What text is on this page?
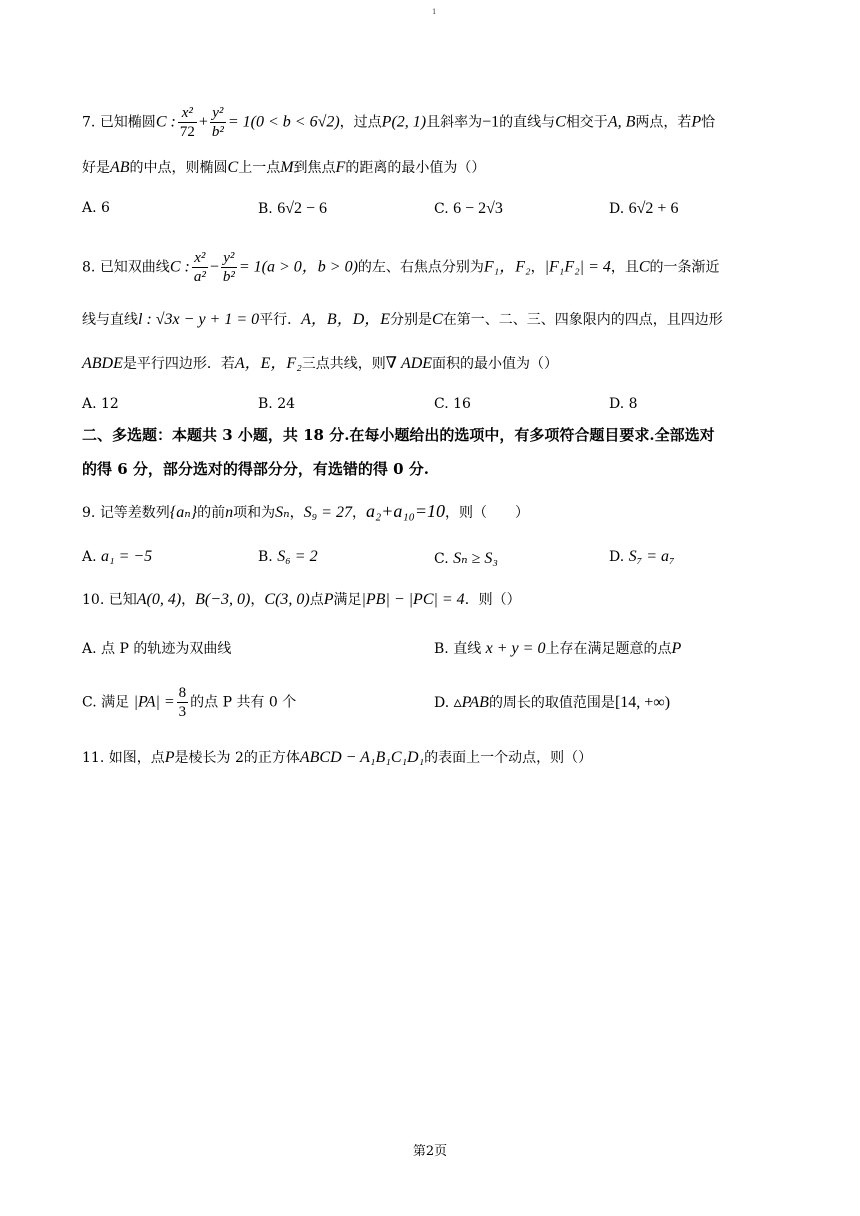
1
7. 已知椭圆C : $\frac{\text{x²}}{72} + \frac{\text{y²}}{\text{b²}} = 1(0 < b < 6√2)$，过点P(2, 1)且斜率为−1的直线与C相交于A, B两点，若P恰
好是AB的中点，则椭圆C上一点M到焦点F的距离的最小值为（）
A. 6	B. 6√2 − 6	C. 6 − 2√3	D. 6√2 + 6
8. 已知双曲线C : $\frac{\text{x²}}{\text{a²}} - \frac{\text{y²}}{\text{b²}} = 1(a > 0$，b > 0)的左、右焦点分别为F₁，F₂，|F₁F₂| = 4，且C的一条渐近
线与直线l : √3x − y + 1 = 0平行．A，B，D，E分别是C在第一、二、三、四象限内的四点，且四边形
ABDE是平行四边形．若A，E，F₂三点共线，则∇ ADE面积的最小值为（）
A. 12	B. 24	C. 16	D. 8
二、多选题：本题共 3 小题，共 18 分.在每小题给出的选项中，有多项符合题目要求.全部选对
的得 6 分，部分选对的得部分分，有选错的得 0 分.
9. 记等差数列{aₙ}的前n项和为Sₙ，S₉ = 27，a₂+a₁₀=10，则（　　）
A. a₁ = −5	B. S₆ = 2	C. Sₙ ≥ S₃	D. S₇ = a₇
10. 已知A(0, 4)，B(−3, 0)，C(3, 0)点P满足|PB| − |PC| = 4．则（）
A. 点 P 的轨迹为双曲线	B. 直线 x + y = 0上存在满足题意的点P
C. 满足 $|PA| = \frac{8}{3}$ 的点 P 共有 0 个	D. ▵PAB的周长的取值范围是[14, +∞)
11. 如图，点P是棱长为 2的正方体ABCD − A₁B₁C₁D₁的表面上一个动点，则（）
第2页
